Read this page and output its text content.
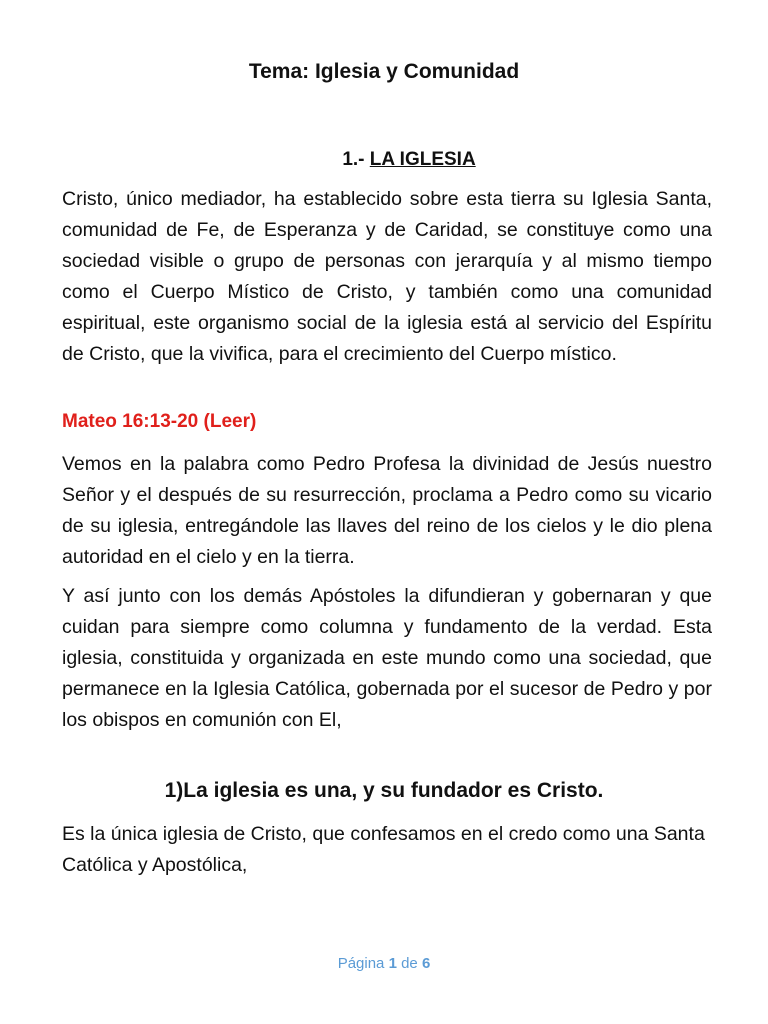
Tema: Iglesia y Comunidad
1.- LA IGLESIA

Cristo, único mediador, ha establecido sobre esta tierra su Iglesia Santa, comunidad de Fe, de Esperanza y de Caridad, se constituye como una sociedad visible o grupo de personas con jerarquía y al mismo tiempo como el Cuerpo Místico de Cristo, y también como una comunidad espiritual, este organismo social de la iglesia está al servicio del Espíritu de Cristo, que la vivifica, para el crecimiento del Cuerpo místico.

Mateo 16:13-20 (Leer)

Vemos en la palabra como Pedro Profesa la divinidad de Jesús nuestro Señor y el después de su resurrección, proclama a Pedro como su vicario de su iglesia, entregándole las llaves del reino de los cielos y le dio plena autoridad en el cielo y en la tierra.

Y así junto con los demás Apóstoles la difundieran y gobernaran y que cuidan para siempre como columna y fundamento de la verdad. Esta iglesia, constituida y organizada en este mundo como una sociedad, que permanece en la Iglesia Católica, gobernada por el sucesor de Pedro y por los obispos en comunión con El,

1)La iglesia es una, y su fundador es Cristo.

Es la única iglesia de Cristo, que confesamos en el credo como una Santa Católica y Apostólica,

Página 1 de 6
